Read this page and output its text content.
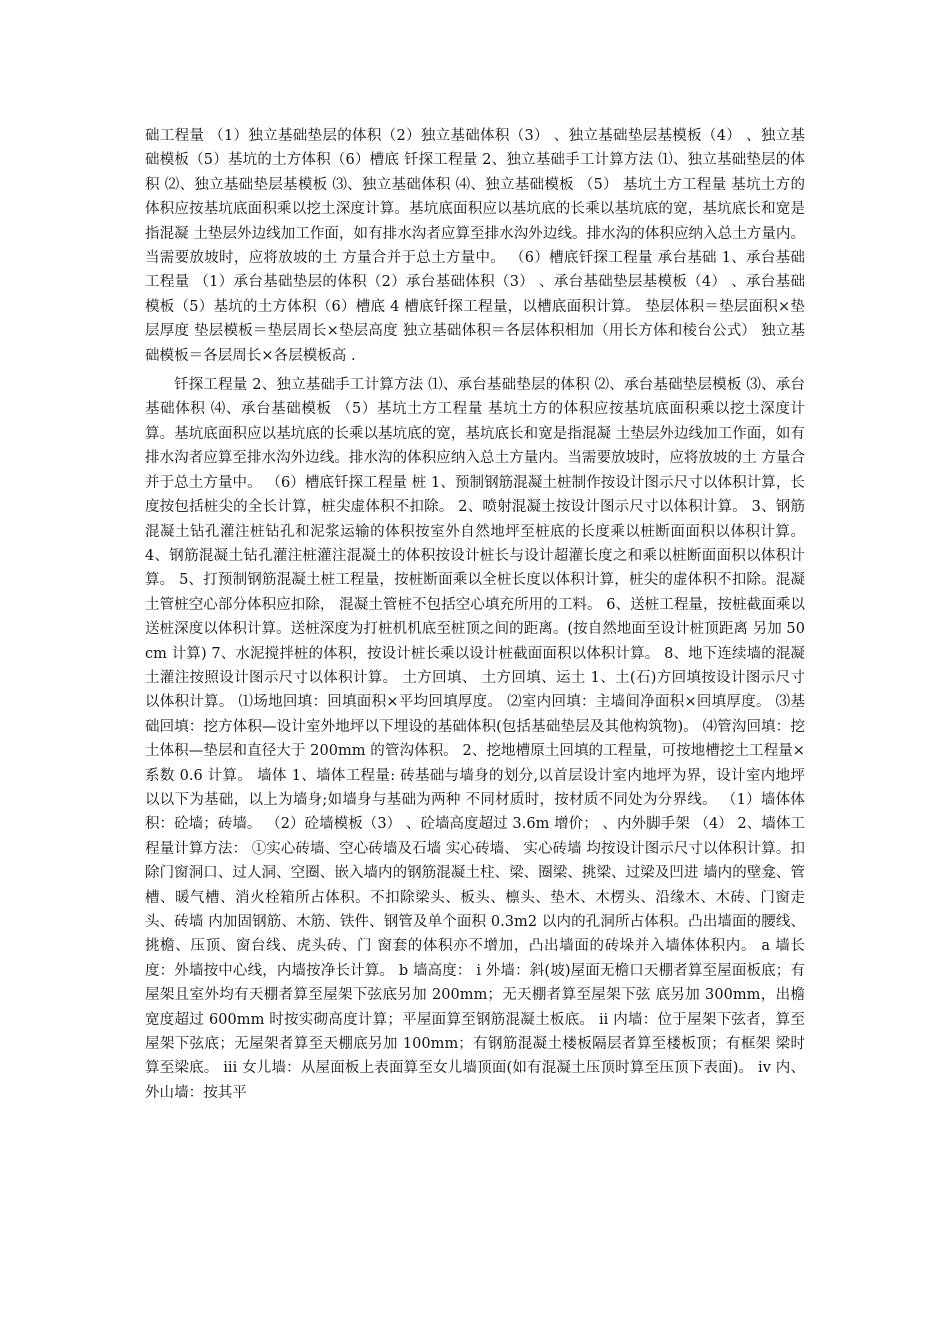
础工程量 （1）独立基础垫层的体积（2）独立基础体积（3） 、独立基础垫层基模板（4） 、独立基础模板（5）基坑的土方体积（6）槽底 钎探工程量 2、独立基础手工计算方法 ⑴、独立基础垫层的体积 ⑵、独立基础垫层基模板 ⑶、独立基础体积 ⑷、独立基础模板 （5） 基坑土方工程量 基坑土方的体积应按基坑底面积乘以挖土深度计算。基坑底面积应以基坑底的长乘以基坑底的宽，基坑底长和宽是指混凝 土垫层外边线加工作面，如有排水沟者应算至排水沟外边线。排水沟的体积应纳入总土方量内。当需要放坡时，应将放坡的土 方量合并于总土方量中。 （6）槽底钎探工程量 承台基础 1、承台基础工程量 （1）承台基础垫层的体积（2）承台基础体积（3） 、承台基础垫层基模板（4） 、承台基础模板（5）基坑的土方体积（6）槽底 4 槽底钎探工程量，以槽底面积计算。 垫层体积＝垫层面积×垫层厚度 垫层模板＝垫层周长×垫层高度 独立基础体积＝各层体积相加（用长方体和棱台公式） 独立基础模板＝各层周长×各层模板高 .

钎探工程量 2、独立基础手工计算方法 ⑴、承台基础垫层的体积 ⑵、承台基础垫层模板 ⑶、承台基础体积 ⑷、承台基础模板 （5）基坑土方工程量 基坑土方的体积应按基坑底面积乘以挖土深度计算。基坑底面积应以基坑底的长乘以基坑底的宽，基坑底长和宽是指混凝 土垫层外边线加工作面，如有排水沟者应算至排水沟外边线。排水沟的体积应纳入总土方量内。当需要放坡时，应将放坡的土 方量合并于总土方量中。 （6）槽底钎探工程量 桩 1、预制钢筋混凝土桩制作按设计图示尺寸以体积计算，长度按包括桩尖的全长计算，桩尖虚体积不扣除。 2、喷射混凝土按设计图示尺寸以体积计算。 3、钢筋混凝土钻孔灌注桩钻孔和泥浆运输的体积按室外自然地坪至桩底的长度乘以桩断面面积以体积计算。 4、钢筋混凝土钻孔灌注桩灌注混凝土的体积按设计桩长与设计超灌长度之和乘以桩断面面积以体积计算。 5、打预制钢筋混凝土桩工程量，按桩断面乘以全桩长度以体积计算，桩尖的虚体积不扣除。混凝土管桩空心部分体积应扣除， 混凝土管桩不包括空心填充所用的工料。 6、送桩工程量，按桩截面乘以送桩深度以体积计算。送桩深度为打桩机机底至桩顶之间的距离。(按自然地面至设计桩顶距离 另加 50cm 计算) 7、水泥搅拌桩的体积，按设计桩长乘以设计桩截面面积以体积计算。 8、地下连续墙的混凝土灌注按照设计图示尺寸以体积计算。 土方回填、 土方回填、运土 1、土(石)方回填按设计图示尺寸以体积计算。 ⑴场地回填：回填面积×平均回填厚度。 ⑵室内回填：主墙间净面积×回填厚度。 ⑶基础回填：挖方体积—设计室外地坪以下埋设的基础体积(包括基础垫层及其他构筑物)。 ⑷管沟回填：挖土体积—垫层和直径大于 200mm 的管沟体积。 2、挖地槽原土回填的工程量，可按地槽挖土工程量×系数 0.6 计算。 墙体 1、墙体工程量: 砖基础与墙身的划分,以首层设计室内地坪为界，设计室内地坪以以下为基础，以上为墙身;如墙身与基础为两种 不同材质时，按材质不同处为分界线。 （1）墙体体积：砼墙；砖墙。 （2）砼墙模板（3） 、砼墙高度超过 3.6m 增价； 、内外脚手架 （4） 2、墙体工程量计算方法： ①实心砖墙、空心砖墙及石墙 实心砖墙、 实心砖墙 均按设计图示尺寸以体积计算。扣除门窗洞口、过人洞、空圈、嵌入墙内的钢筋混凝土柱、梁、圈梁、挑梁、过梁及凹进 墙内的壁龛、管槽、暖气槽、消火栓箱所占体积。不扣除梁头、板头、檩头、垫木、木楞头、沿缘木、木砖、门窗走头、砖墙 内加固钢筋、木筋、铁件、钢管及单个面积 0.3m2 以内的孔洞所占体积。凸出墙面的腰线、挑檐、压顶、窗台线、虎头砖、门 窗套的体积亦不增加，凸出墙面的砖垛并入墙体体积内。 a 墙长度：外墙按中心线，内墙按净长计算。 b 墙高度： i 外墙：斜(坡)屋面无檐口天棚者算至屋面板底；有屋架且室外均有天棚者算至屋架下弦底另加 200mm；无天棚者算至屋架下弦 底另加 300mm，出檐宽度超过 600mm 时按实砌高度计算；平屋面算至钢筋混凝土板底。 ii 内墙：位于屋架下弦者，算至屋架下弦底；无屋架者算至天棚底另加 100mm；有钢筋混凝土楼板隔层者算至楼板顶；有框架 梁时算至梁底。 iii 女儿墙：从屋面板上表面算至女儿墙顶面(如有混凝土压顶时算至压顶下表面)。 iv 内、外山墙：按其平
